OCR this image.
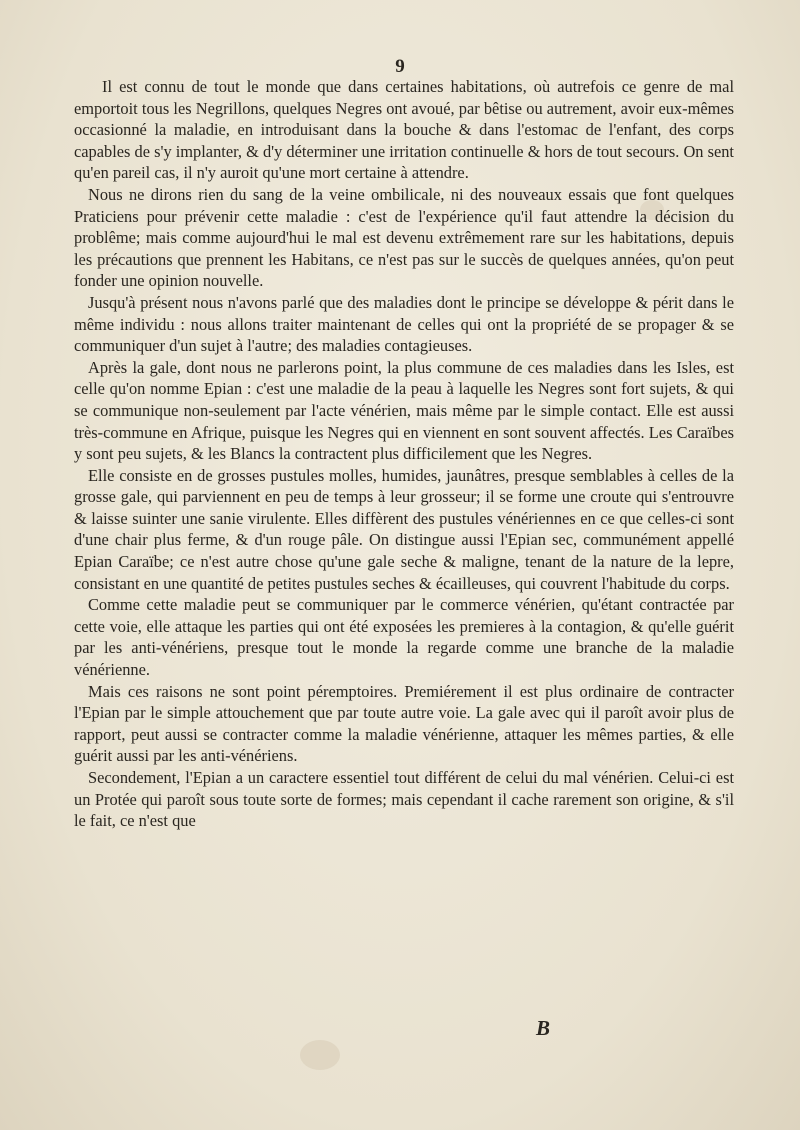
9

Il est connu de tout le monde que dans certaines habitations, où autrefois ce genre de mal emportoit tous les Negrillons, quelques Negres ont avoué, par bêtise ou autrement, avoir eux-mêmes occasionné la maladie, en introduisant dans la bouche & dans l'estomac de l'enfant, des corps capables de s'y implanter, & d'y déterminer une irritation continuelle & hors de tout secours. On sent qu'en pareil cas, il n'y auroit qu'une mort certaine à attendre.

Nous ne dirons rien du sang de la veine ombilicale, ni des nouveaux essais que font quelques Praticiens pour prévenir cette maladie : c'est de l'expérience qu'il faut attendre la décision du problême; mais comme aujourd'hui le mal est devenu extrêmement rare sur les habitations, depuis les précautions que prennent les Habitans, ce n'est pas sur le succès de quelques années, qu'on peut fonder une opinion nouvelle.

Jusqu'à présent nous n'avons parlé que des maladies dont le principe se développe & périt dans le même individu : nous allons traiter maintenant de celles qui ont la propriété de se propager & se communiquer d'un sujet à l'autre; des maladies contagieuses.

Après la gale, dont nous ne parlerons point, la plus commune de ces maladies dans les Isles, est celle qu'on nomme Epian : c'est une maladie de la peau à laquelle les Negres sont fort sujets, & qui se communique non-seulement par l'acte vénérien, mais même par le simple contact. Elle est aussi très-commune en Afrique, puisque les Negres qui en viennent en sont souvent affectés. Les Caraïbes y sont peu sujets, & les Blancs la contractent plus difficilement que les Negres.

Elle consiste en de grosses pustules molles, humides, jaunâtres, presque semblables à celles de la grosse gale, qui parviennent en peu de temps à leur grosseur; il se forme une croute qui s'entrouvre & laisse suinter une sanie virulente. Elles diffèrent des pustules vénériennes en ce que celles-ci sont d'une chair plus ferme, & d'un rouge pâle. On distingue aussi l'Epian sec, communément appellé Epian Caraïbe; ce n'est autre chose qu'une gale seche & maligne, tenant de la nature de la lepre, consistant en une quantité de petites pustules seches & écailleuses, qui couvrent l'habitude du corps.

Comme cette maladie peut se communiquer par le commerce vénérien, qu'étant contractée par cette voie, elle attaque les parties qui ont été exposées les premieres à la contagion, & qu'elle guérit par les anti-vénériens, presque tout le monde la regarde comme une branche de la maladie vénérienne.

Mais ces raisons ne sont point péremptoires. Premiérement il est plus ordinaire de contracter l'Epian par le simple attouchement que par toute autre voie. La gale avec qui il paroît avoir plus de rapport, peut aussi se contracter comme la maladie vénérienne, attaquer les mêmes parties, & elle guérit aussi par les anti-vénériens.

Secondement, l'Epian a un caractere essentiel tout différent de celui du mal vénérien. Celui-ci est un Protée qui paroît sous toute sorte de formes; mais cependant il cache rarement son origine, & s'il le fait, ce n'est que

B
